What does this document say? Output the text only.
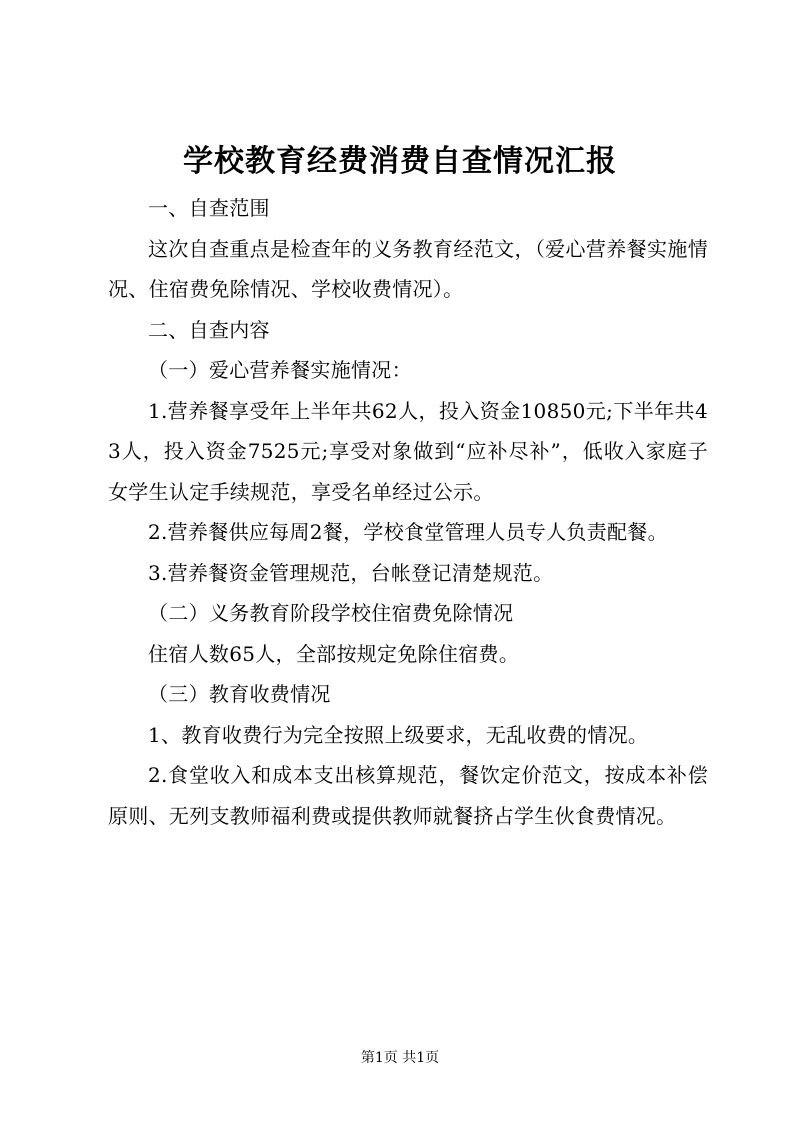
学校教育经费消费自查情况汇报

一、自查范围

这次自查重点是检查年的义务教育经范文，（爱心营养餐实施情况、住宿费免除情况、学校收费情况）。

二、自查内容

（一）爱心营养餐实施情况：

1.营养餐享受年上半年共62人，投入资金10850元;下半年共43人，投入资金7525元;享受对象做到“应补尽补”，低收入家庭子女学生认定手续规范，享受名单经过公示。

2.营养餐供应每周2餐，学校食堂管理人员专人负责配餐。

3.营养餐资金管理规范，台帐登记清楚规范。

（二）义务教育阶段学校住宿费免除情况

住宿人数65人，全部按规定免除住宿费。

（三）教育收费情况

1、教育收费行为完全按照上级要求，无乱收费的情况。

2.食堂收入和成本支出核算规范，餐饮定价范文，按成本补偿原则、无列支教师福利费或提供教师就餐挤占学生伙食费情况。

第1页 共1页
